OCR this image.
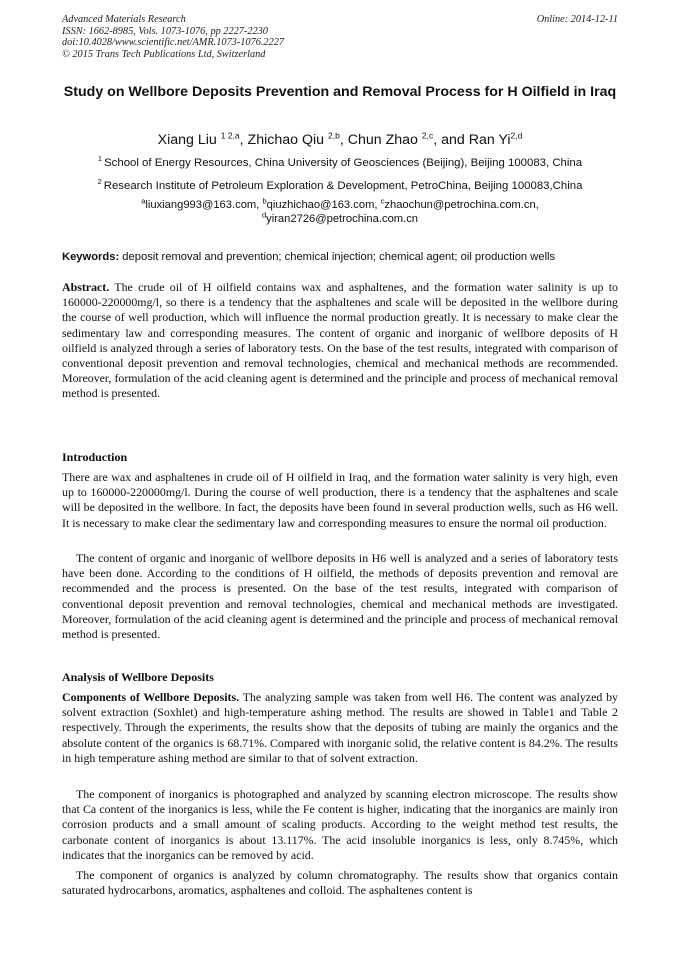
Advanced Materials Research
ISSN: 1662-8985, Vols. 1073-1076, pp 2227-2230
doi:10.4028/www.scientific.net/AMR.1073-1076.2227
© 2015 Trans Tech Publications Ltd, Switzerland
Online: 2014-12-11
Study on Wellbore Deposits Prevention and Removal Process for H Oilfield in Iraq
Xiang Liu $^{1 2,a}$, Zhichao Qiu $^{2,b}$, Chun Zhao $^{2,c}$, and Ran Yi$^{2,d}$
$^1$ School of Energy Resources, China University of Geosciences (Beijing), Beijing 100083, China
$^2$ Research Institute of Petroleum Exploration & Development, PetroChina, Beijing 100083,China
$^a$liuxiang993@163.com, $^b$qiuzhichao@163.com, $^c$zhaochun@petrochina.com.cn,
$^d$yiran2726@petrochina.com.cn
Keywords: deposit removal and prevention; chemical injection; chemical agent; oil production wells
Abstract. The crude oil of H oilfield contains wax and asphaltenes, and the formation water salinity is up to 160000-220000mg/l, so there is a tendency that the asphaltenes and scale will be deposited in the wellbore during the course of well production, which will influence the normal production greatly. It is necessary to make clear the sedimentary law and corresponding measures. The content of organic and inorganic of wellbore deposits of H oilfield is analyzed through a series of laboratory tests. On the base of the test results, integrated with comparison of conventional deposit prevention and removal technologies, chemical and mechanical methods are recommended. Moreover, formulation of the acid cleaning agent is determined and the principle and process of mechanical removal method is presented.
Introduction
There are wax and asphaltenes in crude oil of H oilfield in Iraq, and the formation water salinity is very high, even up to 160000-220000mg/l. During the course of well production, there is a tendency that the asphaltenes and scale will be deposited in the wellbore. In fact, the deposits have been found in several production wells, such as H6 well. It is necessary to make clear the sedimentary law and corresponding measures to ensure the normal oil production.
The content of organic and inorganic of wellbore deposits in H6 well is analyzed and a series of laboratory tests have been done. According to the conditions of H oilfield, the methods of deposits prevention and removal are recommended and the process is presented. On the base of the test results, integrated with comparison of conventional deposit prevention and removal technologies, chemical and mechanical methods are investigated. Moreover, formulation of the acid cleaning agent is determined and the principle and process of mechanical removal method is presented.
Analysis of Wellbore Deposits
Components of Wellbore Deposits. The analyzing sample was taken from well H6. The content was analyzed by solvent extraction (Soxhlet) and high-temperature ashing method. The results are showed in Table1 and Table 2 respectively. Through the experiments, the results show that the deposits of tubing are mainly the organics and the absolute content of the organics is 68.71%. Compared with inorganic solid, the relative content is 84.2%. The results in high temperature ashing method are similar to that of solvent extraction.
The component of inorganics is photographed and analyzed by scanning electron microscope. The results show that Ca content of the inorganics is less, while the Fe content is higher, indicating that the inorganics are mainly iron corrosion products and a small amount of scaling products. According to the weight method test results, the carbonate content of inorganics is about 13.117%. The acid insoluble inorganics is less, only 8.745%, which indicates that the inorganics can be removed by acid.
The component of organics is analyzed by column chromatography. The results show that organics contain saturated hydrocarbons, aromatics, asphaltenes and colloid. The asphaltenes content is
